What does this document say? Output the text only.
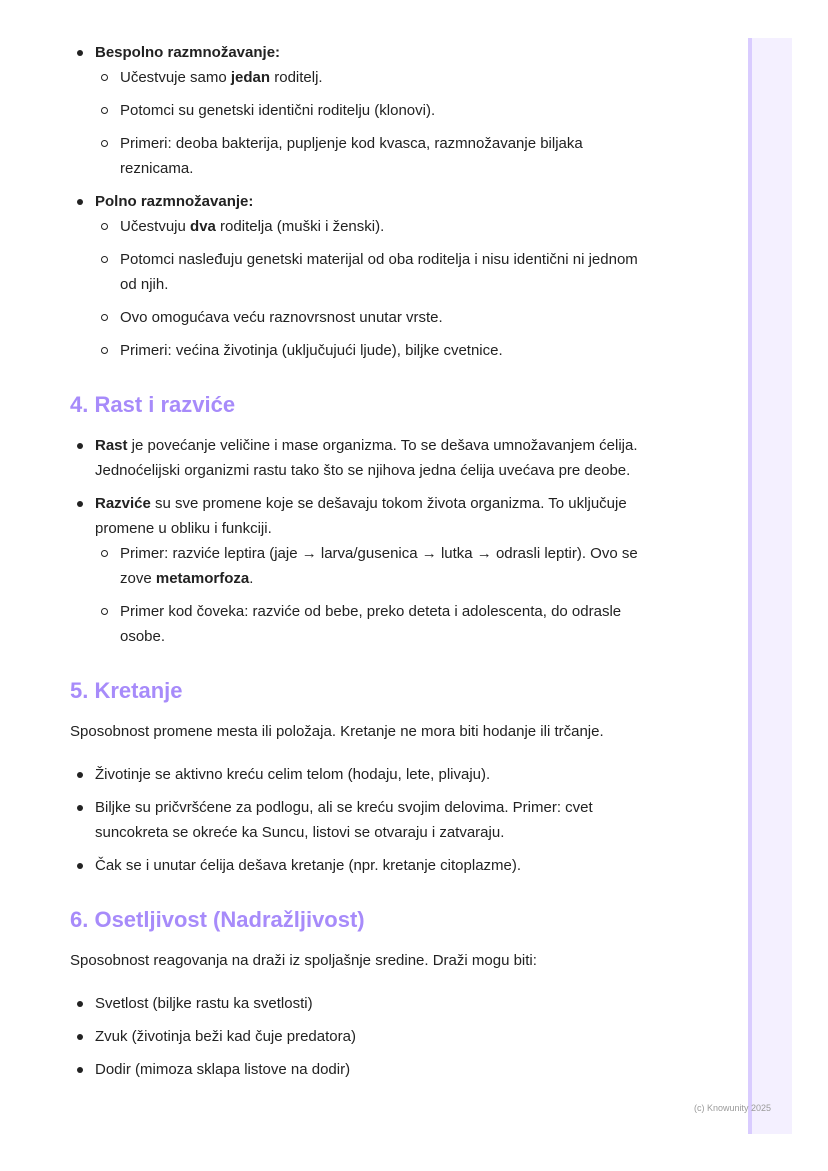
(c) Knowunity 2025
Bespolno razmnožavanje:
Učestvuje samo jedan roditelj.
Potomci su genetski identični roditelju (klonovi).
Primeri: deoba bakterija, pupljenje kod kvasca, razmnožavanje biljaka reznicama.
Polno razmnožavanje:
Učestvuju dva roditelja (muški i ženski).
Potomci nasleđuju genetski materijal od oba roditelja i nisu identični ni jednom od njih.
Ovo omogućava veću raznovrsnost unutar vrste.
Primeri: većina životinja (uključujući ljude), biljke cvetnice.
4. Rast i razviće
Rast je povećanje veličine i mase organizma. To se dešava umnožavanjem ćelija. Jednoćelijski organizmi rastu tako što se njihova jedna ćelija uvećava pre deobe.
Razviće su sve promene koje se dešavaju tokom života organizma. To uključuje promene u obliku i funkciji.
Primer: razviće leptira (jaje → larva/gusenica → lutka → odrasli leptir). Ovo se zove metamorfoza.
Primer kod čoveka: razviće od bebe, preko deteta i adolescenta, do odrasle osobe.
5. Kretanje

Sposobnost promene mesta ili položaja. Kretanje ne mora biti hodanje ili trčanje.

Životinje se aktivno kreću celim telom (hodaju, lete, plivaju).
Biljke su pričvršćene za podlogu, ali se kreću svojim delovima. Primer: cvet suncokreta se okreće ka Suncu, listovi se otvaraju i zatvaraju.
Čak se i unutar ćelija dešava kretanje (npr. kretanje citoplazme).
6. Osetljivost (Nadražljivost)

Sposobnost reagovanja na draži iz spoljašnje sredine. Draži mogu biti:

Svetlost (biljke rastu ka svetlosti)
Zvuk (životinja beži kad čuje predatora)
Dodir (mimoza sklapa listove na dodir)
